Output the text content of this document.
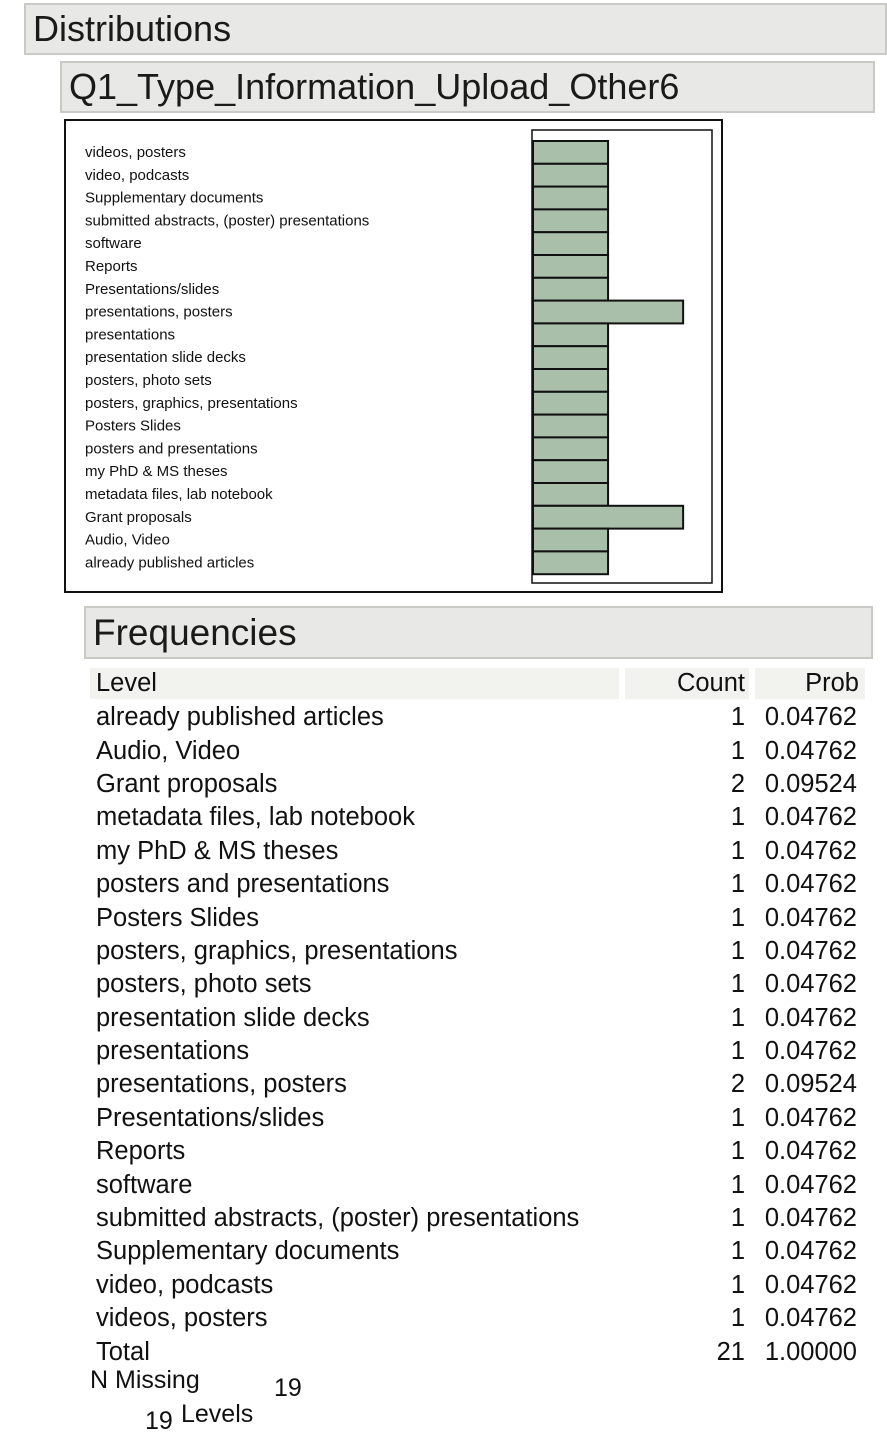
Distributions
Q1_Type_Information_Upload_Other6
videos, posters
video, podcasts
Supplementary documents
submitted abstracts, (poster) presentations
software
Reports
Presentations/slides
presentations, posters
presentations
presentation slide decks
posters, photo sets
posters, graphics, presentations
Posters Slides
posters and presentations
my PhD & MS theses
metadata files, lab notebook
Grant proposals
Audio, Video
already published articles
Frequencies
Level	Count	Prob
already published articles	1	0.04762
Audio, Video	1	0.04762
Grant proposals	2	0.09524
metadata files, lab notebook	1	0.04762
my PhD & MS theses	1	0.04762
posters and presentations	1	0.04762
Posters Slides	1	0.04762
posters, graphics, presentations	1	0.04762
posters, photo sets	1	0.04762
presentation slide decks	1	0.04762
presentations	1	0.04762
presentations, posters	2	0.09524
Presentations/slides	1	0.04762
Reports	1	0.04762
software	1	0.04762
submitted abstracts, (poster) presentations	1	0.04762
Supplementary documents	1	0.04762
video, podcasts	1	0.04762
videos, posters	1	0.04762
Total	21	1.00000
N Missing	19
19 Levels
